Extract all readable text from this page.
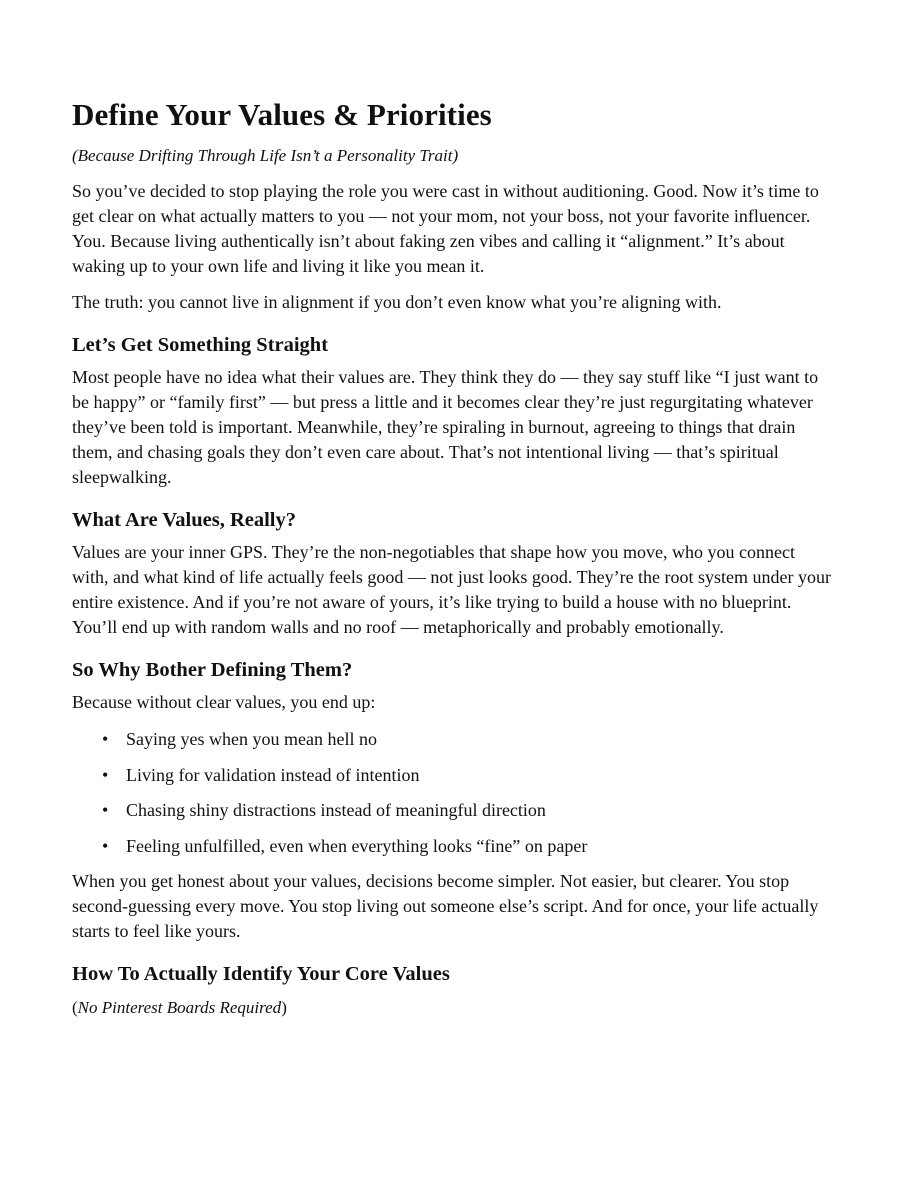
Define Your Values & Priorities
(Because Drifting Through Life Isn’t a Personality Trait)

So you’ve decided to stop playing the role you were cast in without auditioning. Good. Now it’s time to get clear on what actually matters to you — not your mom, not your boss, not your favorite influencer. You. Because living authentically isn’t about faking zen vibes and calling it “alignment.” It’s about waking up to your own life and living it like you mean it.

The truth: you cannot live in alignment if you don’t even know what you’re aligning with.

Let’s Get Something Straight

Most people have no idea what their values are. They think they do — they say stuff like “I just want to be happy” or “family first” — but press a little and it becomes clear they’re just regurgitating whatever they’ve been told is important. Meanwhile, they’re spiraling in burnout, agreeing to things that drain them, and chasing goals they don’t even care about. That’s not intentional living — that’s spiritual sleepwalking.

What Are Values, Really?

Values are your inner GPS. They’re the non-negotiables that shape how you move, who you connect with, and what kind of life actually feels good — not just looks good. They’re the root system under your entire existence. And if you’re not aware of yours, it’s like trying to build a house with no blueprint. You’ll end up with random walls and no roof — metaphorically and probably emotionally.

So Why Bother Defining Them?

Because without clear values, you end up:

• Saying yes when you mean hell no
• Living for validation instead of intention
• Chasing shiny distractions instead of meaningful direction
• Feeling unfulfilled, even when everything looks “fine” on paper

When you get honest about your values, decisions become simpler. Not easier, but clearer. You stop second-guessing every move. You stop living out someone else’s script. And for once, your life actually starts to feel like yours.

How To Actually Identify Your Core Values
(No Pinterest Boards Required)
